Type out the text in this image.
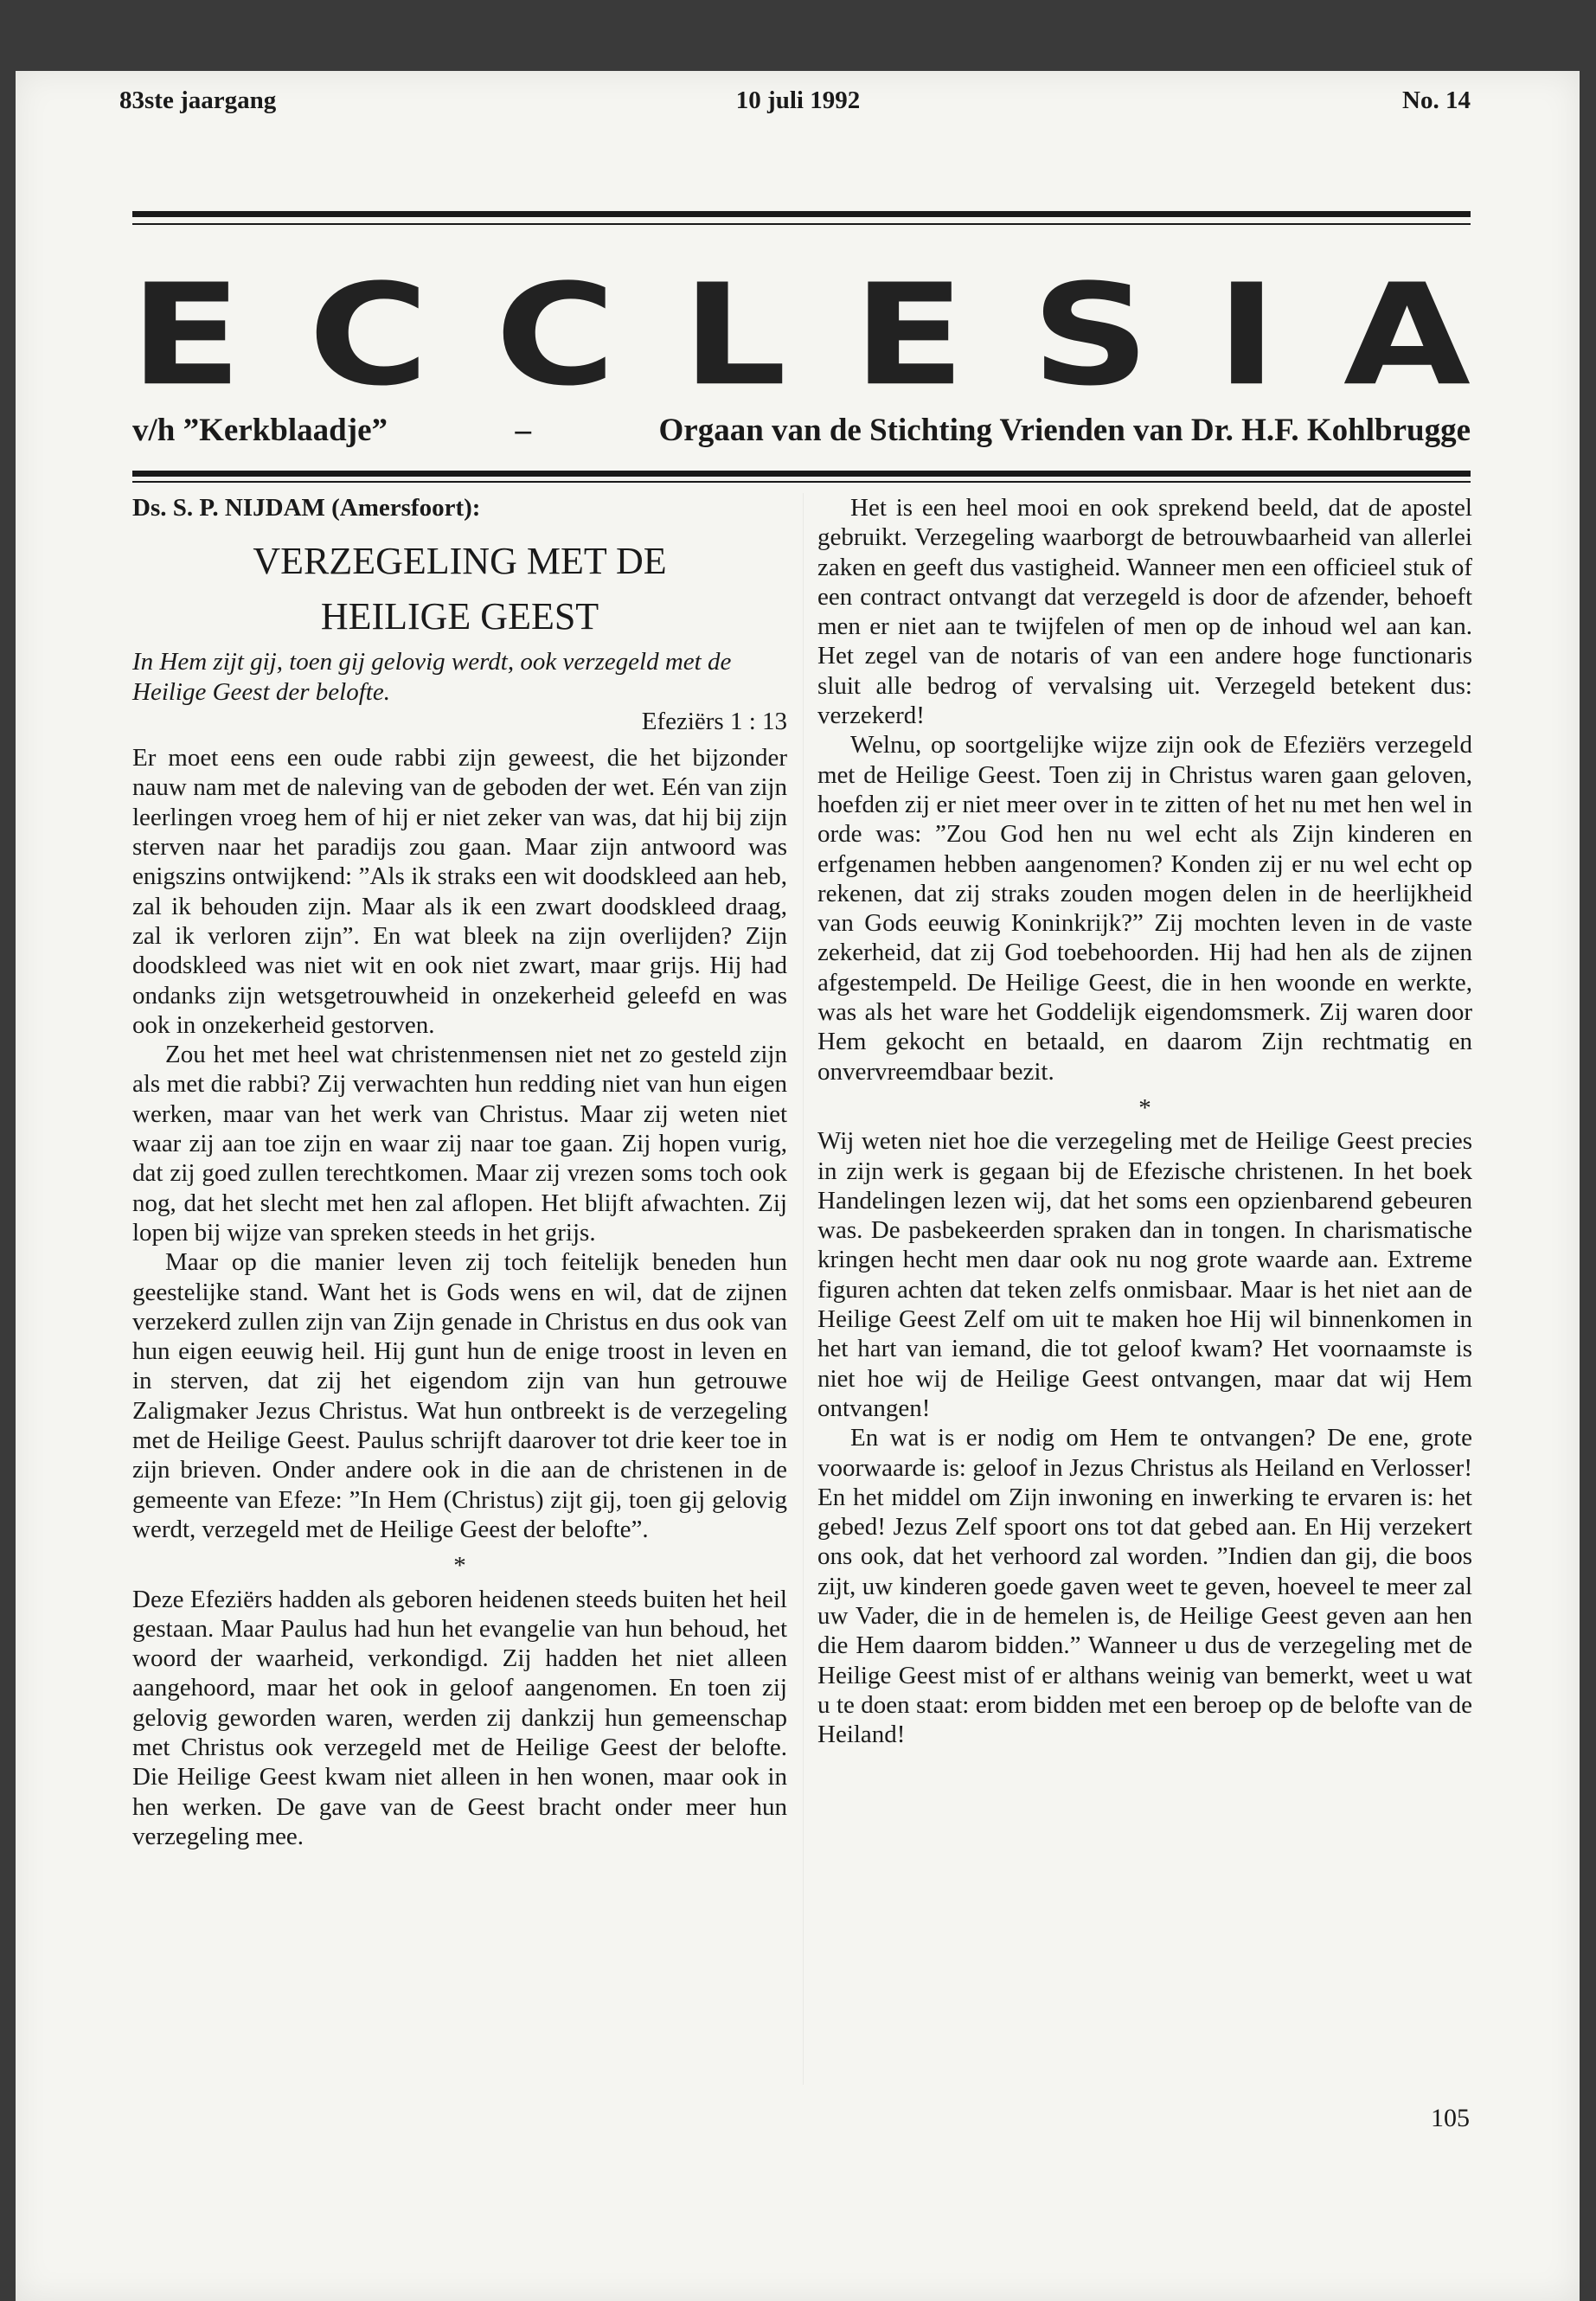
83ste jaargang	10 juli 1992	No. 14
E C C L E S I A
v/h ”Kerkblaadje”	–	Orgaan van de Stichting Vrienden van Dr. H.F. Kohlbrugge

Ds. S. P. NIJDAM (Amersfoort):

VERZEGELING MET DE

HEILIGE GEEST

In Hem zijt gij, toen gij gelovig werdt, ook verzegeld met de Heilige Geest der belofte.

Efeziërs 1 : 13

Er moet eens een oude rabbi zijn geweest, die het bijzonder nauw nam met de naleving van de geboden der wet. Eén van zijn leerlingen vroeg hem of hij er niet zeker van was, dat hij bij zijn sterven naar het paradijs zou gaan. Maar zijn antwoord was enigszins ontwijkend: ”Als ik straks een wit doodskleed aan heb, zal ik behouden zijn. Maar als ik een zwart doodskleed draag, zal ik verloren zijn”. En wat bleek na zijn overlijden? Zijn doodskleed was niet wit en ook niet zwart, maar grijs. Hij had ondanks zijn wetsgetrouwheid in onzekerheid geleefd en was ook in onzekerheid gestorven.

Zou het met heel wat christenmensen niet net zo gesteld zijn als met die rabbi? Zij verwachten hun redding niet van hun eigen werken, maar van het werk van Christus. Maar zij weten niet waar zij aan toe zijn en waar zij naar toe gaan. Zij hopen vurig, dat zij goed zullen terechtkomen. Maar zij vrezen soms toch ook nog, dat het slecht met hen zal aflopen. Het blijft afwachten. Zij lopen bij wijze van spreken steeds in het grijs.

Maar op die manier leven zij toch feitelijk beneden hun geestelijke stand. Want het is Gods wens en wil, dat de zijnen verzekerd zullen zijn van Zijn genade in Christus en dus ook van hun eigen eeuwig heil. Hij gunt hun de enige troost in leven en in sterven, dat zij het eigendom zijn van hun getrouwe Zaligmaker Jezus Christus. Wat hun ontbreekt is de verzegeling met de Heilige Geest. Paulus schrijft daarover tot drie keer toe in zijn brieven. Onder andere ook in die aan de christenen in de gemeente van Efeze: ”In Hem (Christus) zijt gij, toen gij gelovig werdt, verzegeld met de Heilige Geest der belofte”.

*

Deze Efeziërs hadden als geboren heidenen steeds buiten het heil gestaan. Maar Paulus had hun het evangelie van hun behoud, het woord der waarheid, verkondigd. Zij hadden het niet alleen aangehoord, maar het ook in geloof aangenomen. En toen zij gelovig geworden waren, werden zij dankzij hun gemeenschap met Christus ook verzegeld met de Heilige Geest der belofte. Die Heilige Geest kwam niet alleen in hen wonen, maar ook in hen werken. De gave van de Geest bracht onder meer hun verzegeling mee.

Het is een heel mooi en ook sprekend beeld, dat de apostel gebruikt. Verzegeling waarborgt de betrouwbaarheid van allerlei zaken en geeft dus vastigheid. Wanneer men een officieel stuk of een contract ontvangt dat verzegeld is door de afzender, behoeft men er niet aan te twijfelen of men op de inhoud wel aan kan. Het zegel van de notaris of van een andere hoge functionaris sluit alle bedrog of vervalsing uit. Verzegeld betekent dus: verzekerd!

Welnu, op soortgelijke wijze zijn ook de Efeziërs verzegeld met de Heilige Geest. Toen zij in Christus waren gaan geloven, hoefden zij er niet meer over in te zitten of het nu met hen wel in orde was: ”Zou God hen nu wel echt als Zijn kinderen en erfgenamen hebben aangenomen? Konden zij er nu wel echt op rekenen, dat zij straks zouden mogen delen in de heerlijkheid van Gods eeuwig Koninkrijk?” Zij mochten leven in de vaste zekerheid, dat zij God toebehoorden. Hij had hen als de zijnen afgestempeld. De Heilige Geest, die in hen woonde en werkte, was als het ware het Goddelijk eigendomsmerk. Zij waren door Hem gekocht en betaald, en daarom Zijn rechtmatig en onvervreemdbaar bezit.

*

Wij weten niet hoe die verzegeling met de Heilige Geest precies in zijn werk is gegaan bij de Efezische christenen. In het boek Handelingen lezen wij, dat het soms een opzienbarend gebeuren was. De pasbekeerden spraken dan in tongen. In charismatische kringen hecht men daar ook nu nog grote waarde aan. Extreme figuren achten dat teken zelfs onmisbaar. Maar is het niet aan de Heilige Geest Zelf om uit te maken hoe Hij wil binnenkomen in het hart van iemand, die tot geloof kwam? Het voornaamste is niet hoe wij de Heilige Geest ontvangen, maar dat wij Hem ontvangen!

En wat is er nodig om Hem te ontvangen? De ene, grote voorwaarde is: geloof in Jezus Christus als Heiland en Verlosser! En het middel om Zijn inwoning en inwerking te ervaren is: het gebed! Jezus Zelf spoort ons tot dat gebed aan. En Hij verzekert ons ook, dat het verhoord zal worden. ”Indien dan gij, die boos zijt, uw kinderen goede gaven weet te geven, hoeveel te meer zal uw Vader, die in de hemelen is, de Heilige Geest geven aan hen die Hem daarom bidden.” Wanneer u dus de verzegeling met de Heilige Geest mist of er althans weinig van bemerkt, weet u wat u te doen staat: erom bidden met een beroep op de belofte van de Heiland!

105
